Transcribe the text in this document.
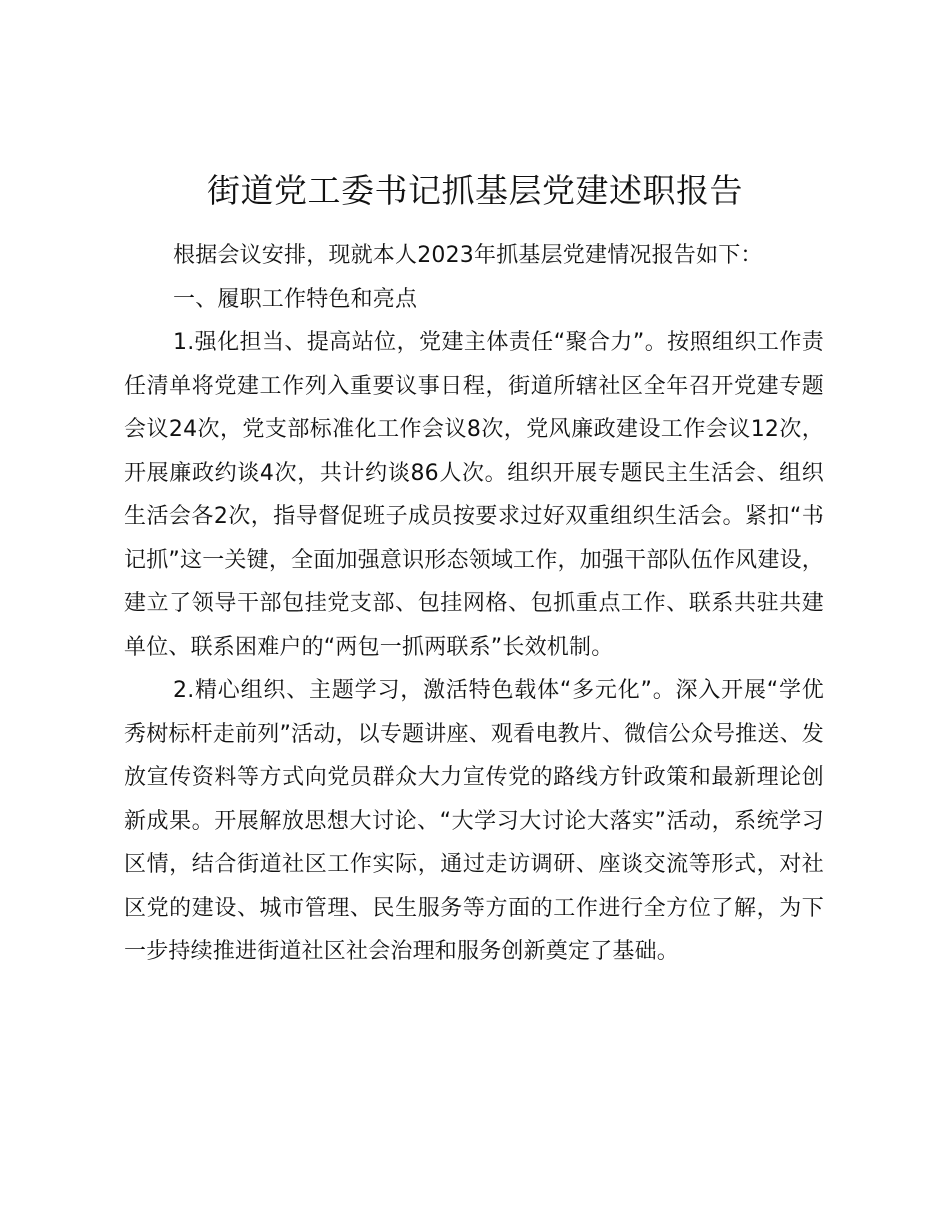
街道党工委书记抓基层党建述职报告

根据会议安排，现就本人2023年抓基层党建情况报告如下：

一、履职工作特色和亮点

1.强化担当、提高站位，党建主体责任“聚合力”。按照组织工作责任清单将党建工作列入重要议事日程，街道所辖社区全年召开党建专题会议24次，党支部标准化工作会议8次，党风廉政建设工作会议12次，开展廉政约谈4次，共计约谈86人次。组织开展专题民主生活会、组织生活会各2次，指导督促班子成员按要求过好双重组织生活会。紧扣“书记抓”这一关键，全面加强意识形态领域工作，加强干部队伍作风建设，建立了领导干部包挂党支部、包挂网格、包抓重点工作、联系共驻共建单位、联系困难户的“两包一抓两联系”长效机制。

2.精心组织、主题学习，激活特色载体“多元化”。深入开展“学优秀树标杆走前列”活动，以专题讲座、观看电教片、微信公众号推送、发放宣传资料等方式向党员群众大力宣传党的路线方针政策和最新理论创新成果。开展解放思想大讨论、“大学习大讨论大落实”活动，系统学习区情，结合街道社区工作实际，通过走访调研、座谈交流等形式，对社区党的建设、城市管理、民生服务等方面的工作进行全方位了解，为下一步持续推进街道社区社会治理和服务创新奠定了基础。
